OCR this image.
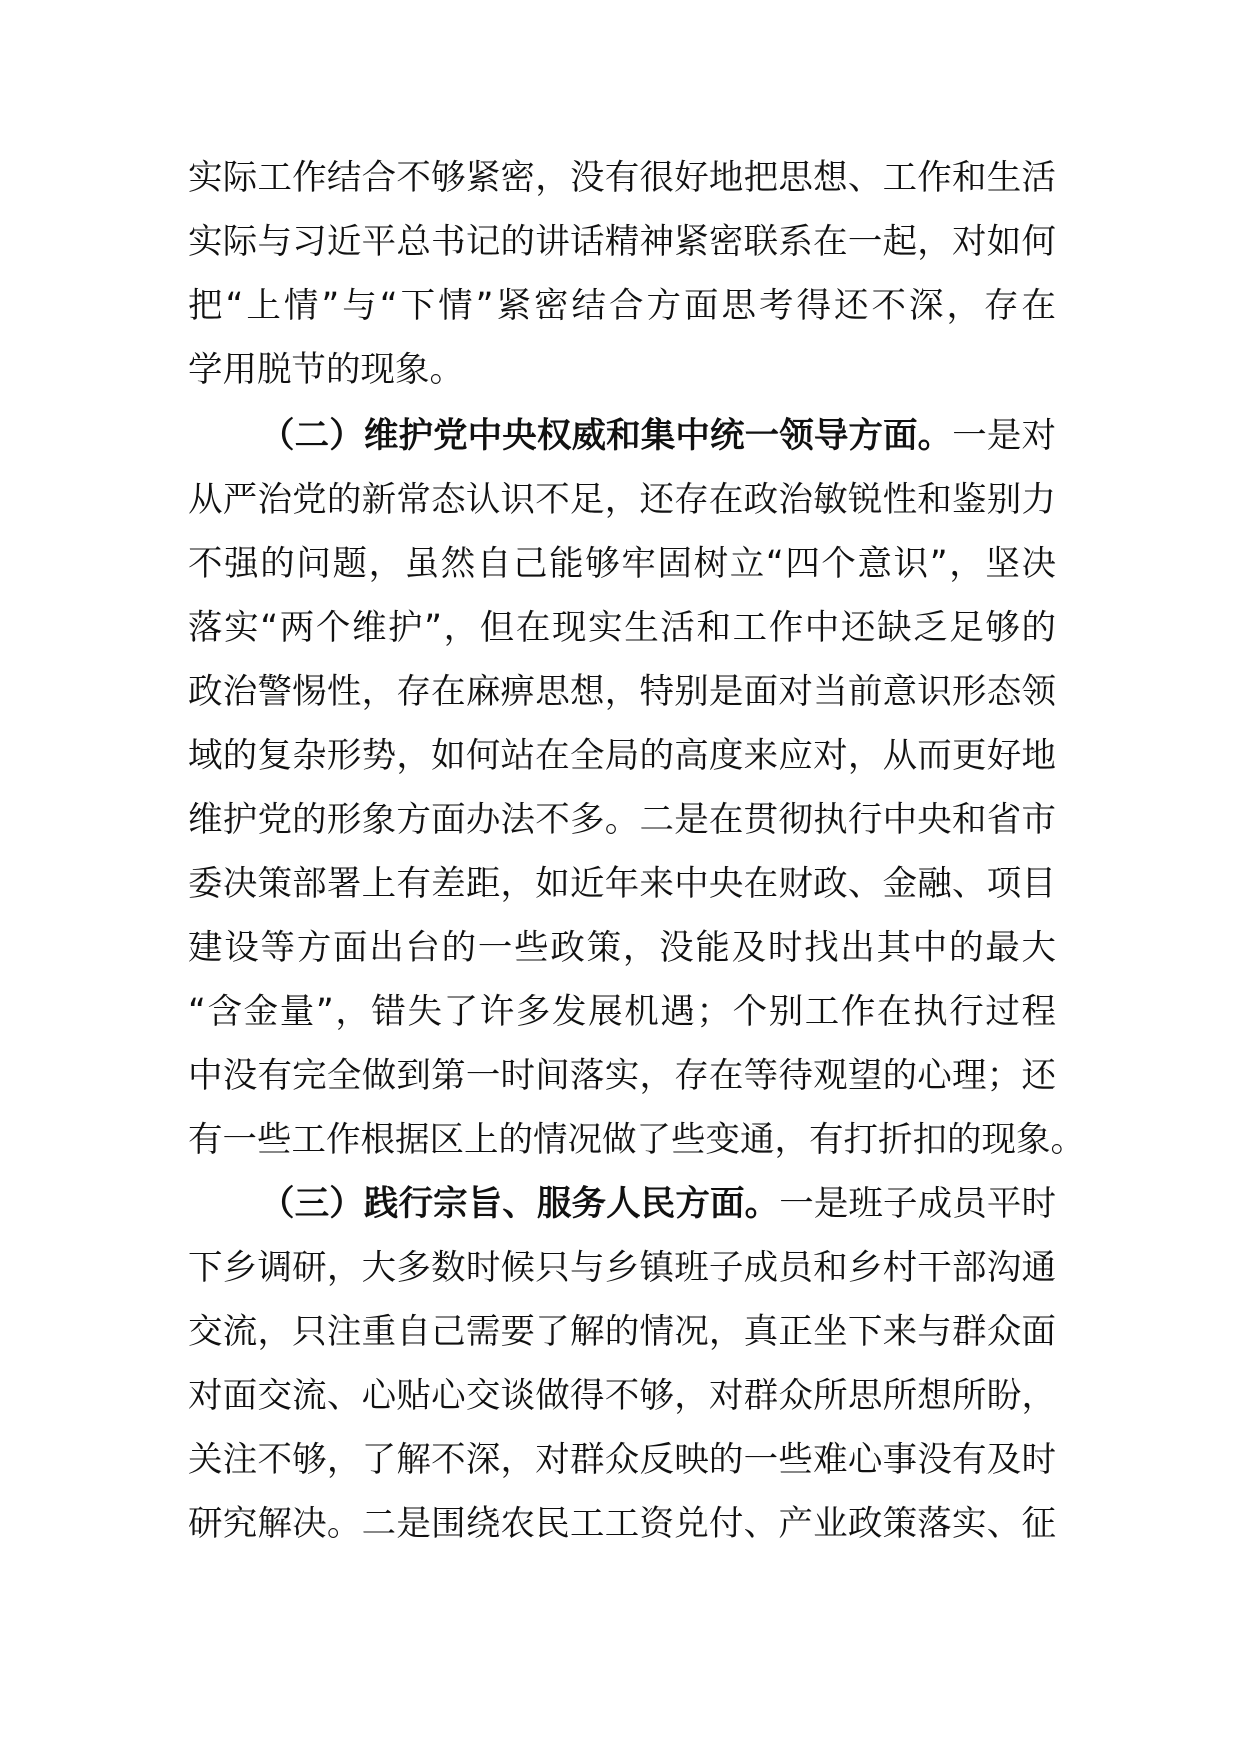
实际工作结合不够紧密，没有很好地把思想、工作和生活
实际与习近平总书记的讲话精神紧密联系在一起，对如何
把“上情”与“下情”紧密结合方面思考得还不深，存在
学用脱节的现象。
（二）维护党中央权威和集中统一领导方面。一是对
从严治党的新常态认识不足，还存在政治敏锐性和鉴别力
不强的问题，虽然自己能够牢固树立“四个意识”，坚决
落实“两个维护”，但在现实生活和工作中还缺乏足够的
政治警惕性，存在麻痹思想，特别是面对当前意识形态领
域的复杂形势，如何站在全局的高度来应对，从而更好地
维护党的形象方面办法不多。二是在贯彻执行中央和省市
委决策部署上有差距，如近年来中央在财政、金融、项目
建设等方面出台的一些政策，没能及时找出其中的最大
“含金量”，错失了许多发展机遇；个别工作在执行过程
中没有完全做到第一时间落实，存在等待观望的心理；还
有一些工作根据区上的情况做了些变通，有打折扣的现象。
（三）践行宗旨、服务人民方面。一是班子成员平时
下乡调研，大多数时候只与乡镇班子成员和乡村干部沟通
交流，只注重自己需要了解的情况，真正坐下来与群众面
对面交流、心贴心交谈做得不够，对群众所思所想所盼，
关注不够，了解不深，对群众反映的一些难心事没有及时
研究解决。二是围绕农民工工资兑付、产业政策落实、征
